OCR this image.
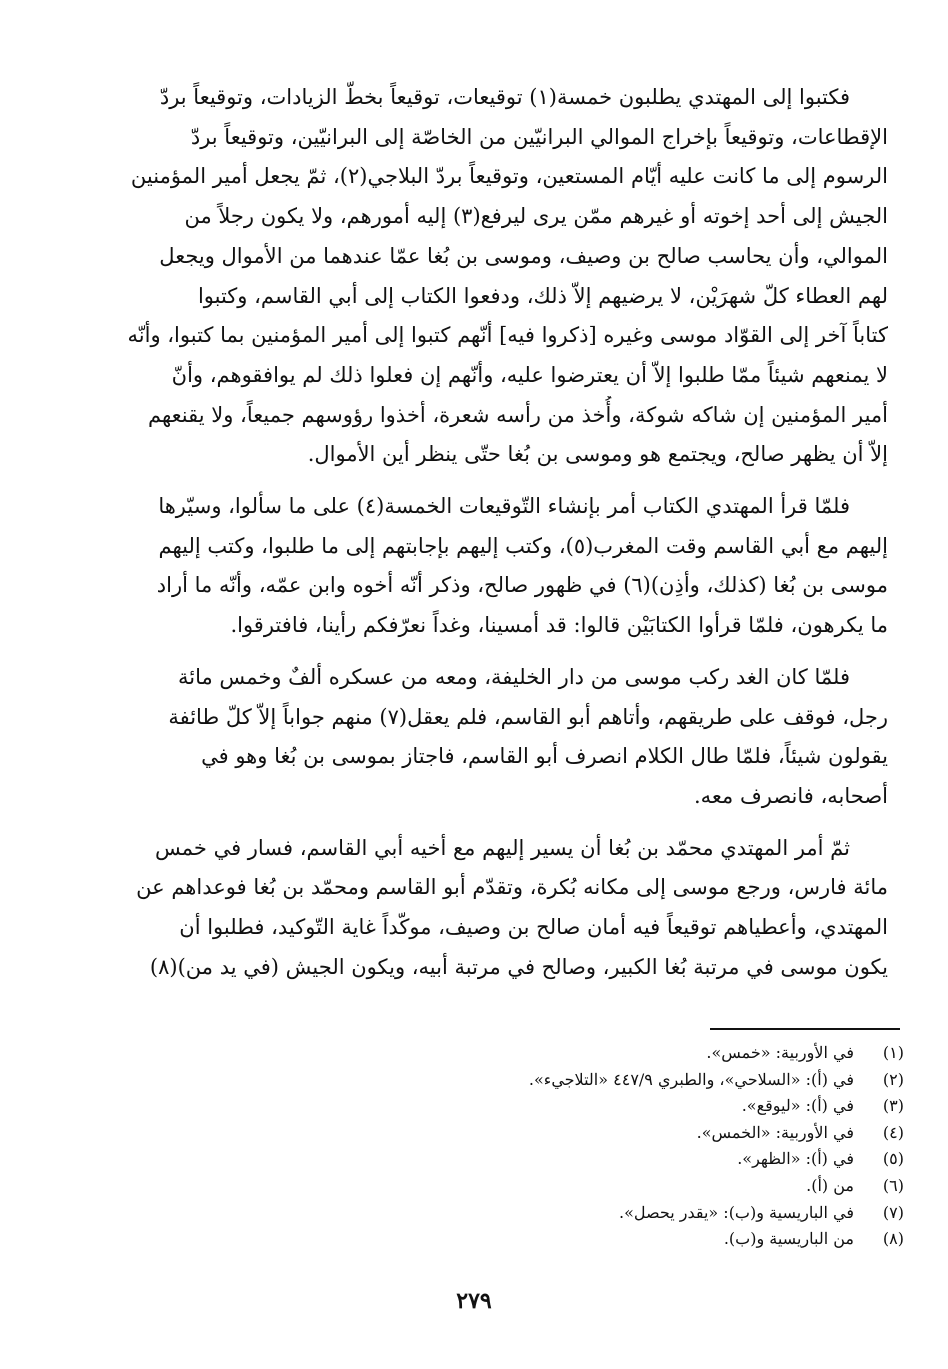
فكتبوا إلى المهتدي يطلبون خمسة(١) توقيعات، توقيعاً بخطّ الزيادات، وتوقيعاً بردّ
الإقطاعات، وتوقيعاً بإخراج الموالي البرانيّين من الخاصّة إلى البرانيّين، وتوقيعاً بردّ
الرسوم إلى ما كانت عليه أيّام المستعين، وتوقيعاً بردّ البلاجي(٢)، ثمّ يجعل أمير المؤمنين
الجيش إلى أحد إخوته أو غيرهم ممّن يرى ليرفع(٣) إليه أمورهم، ولا يكون رجلاً من
الموالي، وأن يحاسب صالح بن وصيف، وموسى بن بُغا عمّا عندهما من الأموال ويجعل
لهم العطاء كلّ شهرَيْن، لا يرضيهم إلاّ ذلك، ودفعوا الكتاب إلى أبي القاسم، وكتبوا
كتاباً آخر إلى القوّاد موسى وغيره [ذكروا فيه] أنّهم كتبوا إلى أمير المؤمنين بما كتبوا، وأنّه
لا يمنعهم شيئاً ممّا طلبوا إلاّ أن يعترضوا عليه، وأنّهم إن فعلوا ذلك لم يوافقوهم، وأنّ
أمير المؤمنين إن شاكه شوكة، وأُخذ من رأسه شعرة، أخذوا رؤوسهم جميعاً، ولا يقنعهم
إلاّ أن يظهر صالح، ويجتمع هو وموسى بن بُغا حتّى ينظر أين الأموال.
فلمّا قرأ المهتدي الكتاب أمر بإنشاء التّوقيعات الخمسة(٤) على ما سألوا، وسيّرها
إليهم مع أبي القاسم وقت المغرب(٥)، وكتب إليهم بإجابتهم إلى ما طلبوا، وكتب إليهم
موسى بن بُغا (كذلك، وأذِن)(٦) في ظهور صالح، وذكر أنّه أخوه وابن عمّه، وأنّه ما أراد
ما يكرهون، فلمّا قرأوا الكتابَيْن قالوا: قد أمسينا، وغداً نعرّفكم رأينا، فافترقوا.
فلمّا كان الغد ركب موسى من دار الخليفة، ومعه من عسكره ألفٌ وخمس مائة
رجل، فوقف على طريقهم، وأتاهم أبو القاسم، فلم يعقل(٧) منهم جواباً إلاّ كلّ طائفة
يقولون شيئاً، فلمّا طال الكلام انصرف أبو القاسم، فاجتاز بموسى بن بُغا وهو في
أصحابه، فانصرف معه.
ثمّ أمر المهتدي محمّد بن بُغا أن يسير إليهم مع أخيه أبي القاسم، فسار في خمس
مائة فارس، ورجع موسى إلى مكانه بُكرة، وتقدّم أبو القاسم ومحمّد بن بُغا فوعداهم عن
المهتدي، وأعطياهم توقيعاً فيه أمان صالح بن وصيف، موكّداً غاية التّوكيد، فطلبوا أن
يكون موسى في مرتبة بُغا الكبير، وصالح في مرتبة أبيه، ويكون الجيش (في يد من)(٨)
(١)
في الأوربية: «خمس».
(٢)
في (أ): «السلاحي»، والطبري ٤٤٧/٩ «التلاجيء».
(٣)
في (أ): «ليوقع».
(٤)
في الأوربية: «الخمس».
(٥)
في (أ): «الظهر».
(٦)
من (أ).
(٧)
في الباريسية و(ب): «يقدر يحصل».
(٨)
من الباريسية و(ب).
٢٧٩
